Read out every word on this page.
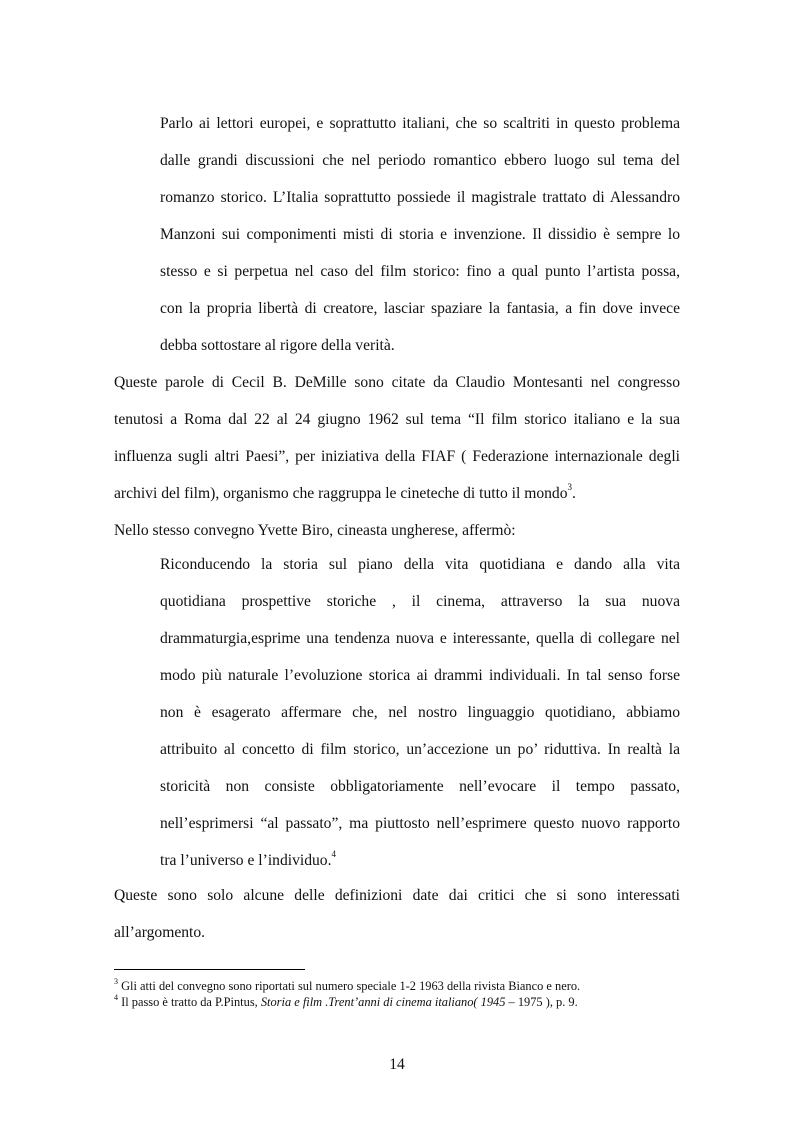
Parlo ai lettori europei, e soprattutto italiani, che so scaltriti in questo problema
dalle grandi discussioni che nel periodo romantico ebbero luogo sul tema del
romanzo storico. L’Italia soprattutto possiede il magistrale trattato di Alessandro
Manzoni sui componimenti misti di storia e invenzione. Il dissidio è sempre lo
stesso e si perpetua nel caso del film storico: fino a qual punto l’artista possa,
con la propria libertà di creatore, lasciar spaziare la fantasia, a fin dove invece
debba sottostare al rigore della verità.
Queste parole di Cecil B. DeMille sono citate da Claudio Montesanti nel congresso
tenutosi a Roma dal 22 al 24 giugno 1962 sul tema “Il film storico italiano e la sua
influenza sugli altri Paesi”, per iniziativa della FIAF ( Federazione internazionale degli
archivi del film), organismo che raggruppa le cineteche di tutto il mondo$^3$.
Nello stesso convegno Yvette Biro, cineasta ungherese, affermò:
Riconducendo la storia sul piano della vita quotidiana e dando alla vita
quotidiana prospettive storiche , il cinema, attraverso la sua nuova
drammaturgia,esprime una tendenza nuova e interessante, quella di collegare nel
modo più naturale l’evoluzione storica ai drammi individuali. In tal senso forse
non è esagerato affermare che, nel nostro linguaggio quotidiano, abbiamo
attribuito al concetto di film storico, un’accezione un po’ riduttiva. In realtà la
storicità non consiste obbligatoriamente nell’evocare il tempo passato,
nell’esprimersi “al passato”, ma piuttosto nell’esprimere questo nuovo rapporto
tra l’universo e l’individuo.$^4$
Queste sono solo alcune delle definizioni date dai critici che si sono interessati
all’argomento.
$^3$ Gli atti del convegno sono riportati sul numero speciale 1-2 1963 della rivista Bianco e nero.
$^4$ Il passo è tratto da P.Pintus, Storia e film .Trent’anni di cinema italiano( 1945 – 1975 ), p. 9.
14
